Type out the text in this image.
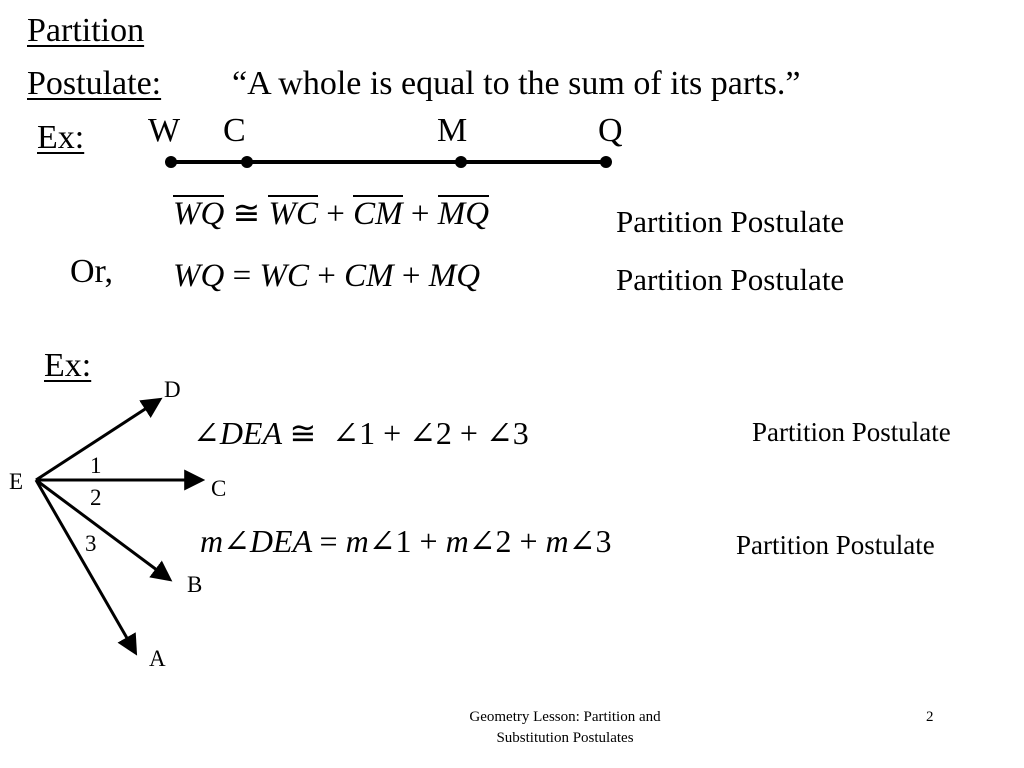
Partition
Postulate: “A whole is equal to the sum of its parts.”
Ex: W C	M	Q
WQ ≅ WC + CM + MQ	Partition Postulate
Or, WQ = WC + CM + MQ	Partition Postulate
Ex:
E
D
C
B
A
1
2
3
∠DEA ≅ ∠1 + ∠2 + ∠3	Partition Postulate
m∠DEA = m∠1 + m∠2 + m∠3	Partition Postulate
Geometry Lesson: Partition and
Substitution Postulates
2
